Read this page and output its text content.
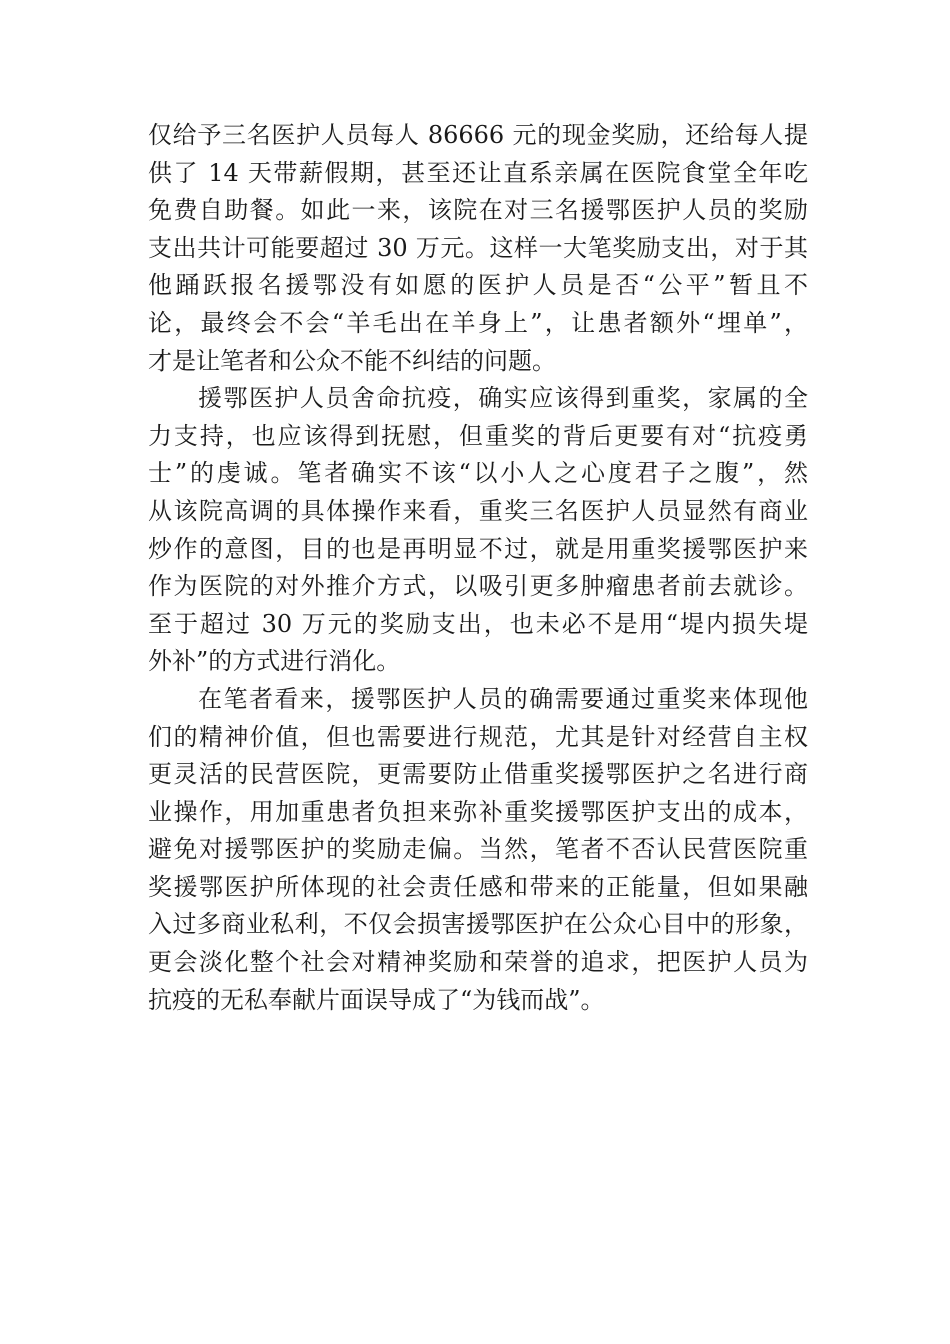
仅给予三名医护人员每人 86666 元的现金奖励，还给每人提
供了 14 天带薪假期，甚至还让直系亲属在医院食堂全年吃
免费自助餐。如此一来，该院在对三名援鄂医护人员的奖励
支出共计可能要超过 30 万元。这样一大笔奖励支出，对于其
他踊跃报名援鄂没有如愿的医护人员是否“公平”暂且不
论，最终会不会“羊毛出在羊身上”，让患者额外“埋单”，
才是让笔者和公众不能不纠结的问题。
援鄂医护人员舍命抗疫，确实应该得到重奖，家属的全
力支持，也应该得到抚慰，但重奖的背后更要有对“抗疫勇
士”的虔诚。笔者确实不该“以小人之心度君子之腹”，然
从该院高调的具体操作来看，重奖三名医护人员显然有商业
炒作的意图，目的也是再明显不过，就是用重奖援鄂医护来
作为医院的对外推介方式，以吸引更多肿瘤患者前去就诊。
至于超过 30 万元的奖励支出，也未必不是用“堤内损失堤
外补”的方式进行消化。
在笔者看来，援鄂医护人员的确需要通过重奖来体现他
们的精神价值，但也需要进行规范，尤其是针对经营自主权
更灵活的民营医院，更需要防止借重奖援鄂医护之名进行商
业操作，用加重患者负担来弥补重奖援鄂医护支出的成本，
避免对援鄂医护的奖励走偏。当然，笔者不否认民营医院重
奖援鄂医护所体现的社会责任感和带来的正能量，但如果融
入过多商业私利，不仅会损害援鄂医护在公众心目中的形象，
更会淡化整个社会对精神奖励和荣誉的追求，把医护人员为
抗疫的无私奉献片面误导成了“为钱而战”。
